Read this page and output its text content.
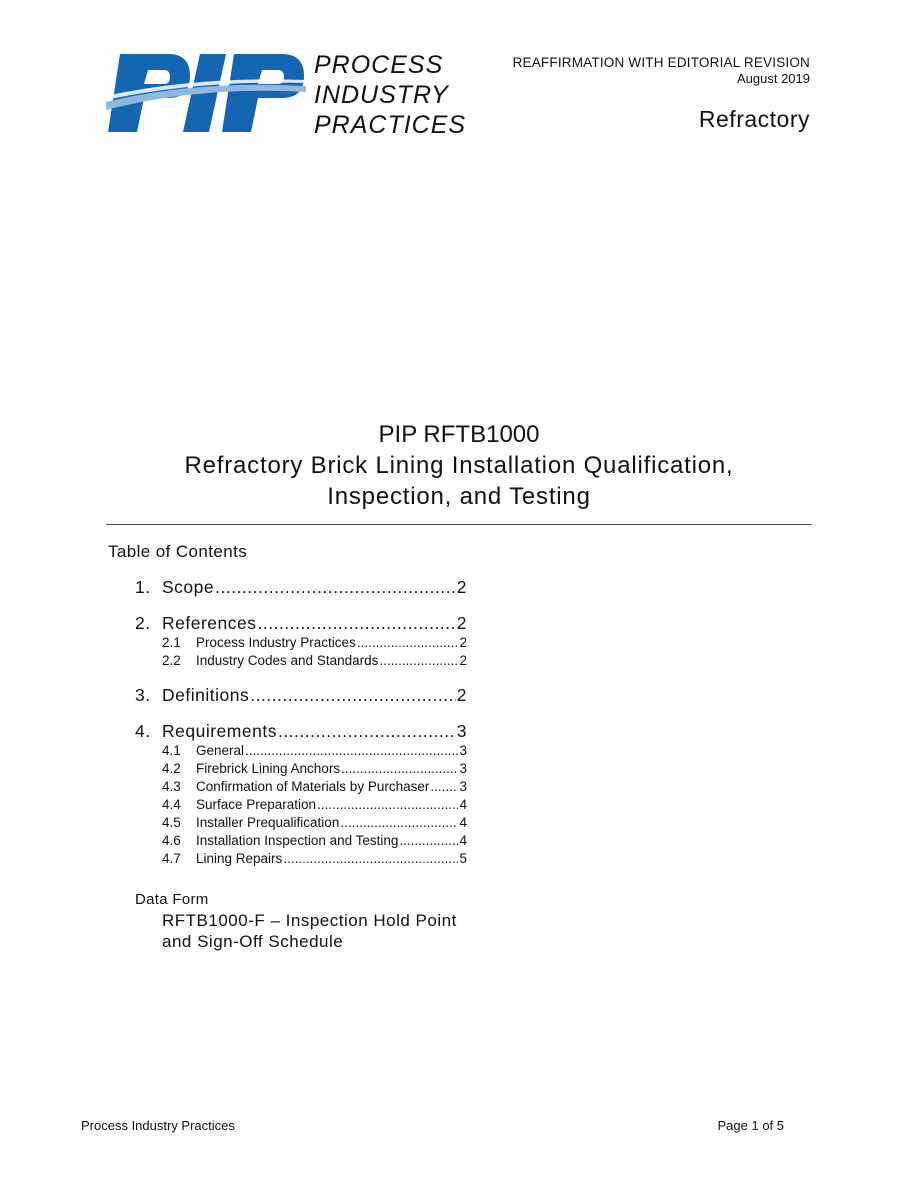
PROCESS
INDUSTRY
PRACTICES
REAFFIRMATION WITH EDITORIAL REVISION
August 2019
Refractory
PIP RFTB1000
Refractory Brick Lining Installation Qualification,
Inspection, and Testing
Table of Contents
1. Scope .....	2
2. References .....	2
2.1	Process Industry Practices .....	2
2.2	Industry Codes and Standards .....	2
3. Definitions .....	2
4. Requirements .....	3
4.1	General .....	3
4.2	Firebrick Lining Anchors .....	3
4.3	Confirmation of Materials by Purchaser ..... 3
4.4	Surface Preparation .....	4
4.5	Installer Prequalification .....	4
4.6	Installation Inspection and Testing .....	4
4.7	Lining Repairs .....	5
Data Form
RFTB1000-F – Inspection Hold Point and Sign-Off Schedule
Process Industry Practices	Page 1 of 5
